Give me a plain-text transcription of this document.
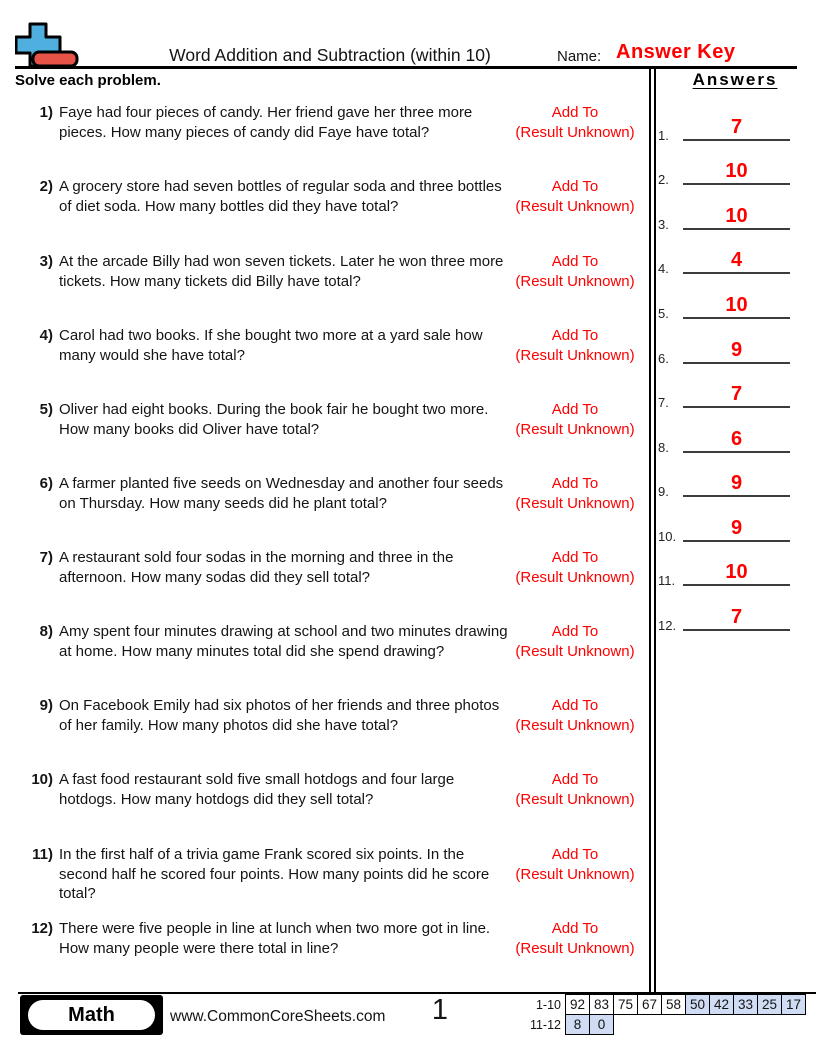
Word Addition and Subtraction (within 10)	Name: Answer Key
Solve each problem.	Answers
1.	7
2.	10
3.	10
4.	4
5.	10
6.	9
7.	7
8.	6
9.	9
10.	9
11.	10
12.	7
1) Faye had four pieces of candy. Her friend gave her three more pieces. How many pieces of candy did Faye have total?
Add To
(Result Unknown)
2) A grocery store had seven bottles of regular soda and three bottles of diet soda. How many bottles did they have total?
Add To
(Result Unknown)
3) At the arcade Billy had won seven tickets. Later he won three more tickets. How many tickets did Billy have total?
Add To
(Result Unknown)
4) Carol had two books. If she bought two more at a yard sale how many would she have total?
Add To
(Result Unknown)
5) Oliver had eight books. During the book fair he bought two more. How many books did Oliver have total?
Add To
(Result Unknown)
6) A farmer planted five seeds on Wednesday and another four seeds on Thursday. How many seeds did he plant total?
Add To
(Result Unknown)
7) A restaurant sold four sodas in the morning and three in the afternoon. How many sodas did they sell total?
Add To
(Result Unknown)
8) Amy spent four minutes drawing at school and two minutes drawing at home. How many minutes total did she spend drawing?
Add To
(Result Unknown)
9) On Facebook Emily had six photos of her friends and three photos of her family. How many photos did she have total?
Add To
(Result Unknown)
10) A fast food restaurant sold five small hotdogs and four large hotdogs. How many hotdogs did they sell total?
Add To
(Result Unknown)
11) In the first half of a trivia game Frank scored six points. In the second half he scored four points. How many points did he score total?
Add To
(Result Unknown)
12) There were five people in line at lunch when two more got in line. How many people were there total in line?
Add To
(Result Unknown)
Math	www.CommonCoreSheets.com	1	1-10	92	83	75	67	58	50	42	33	25	17
11-12	8	0								
